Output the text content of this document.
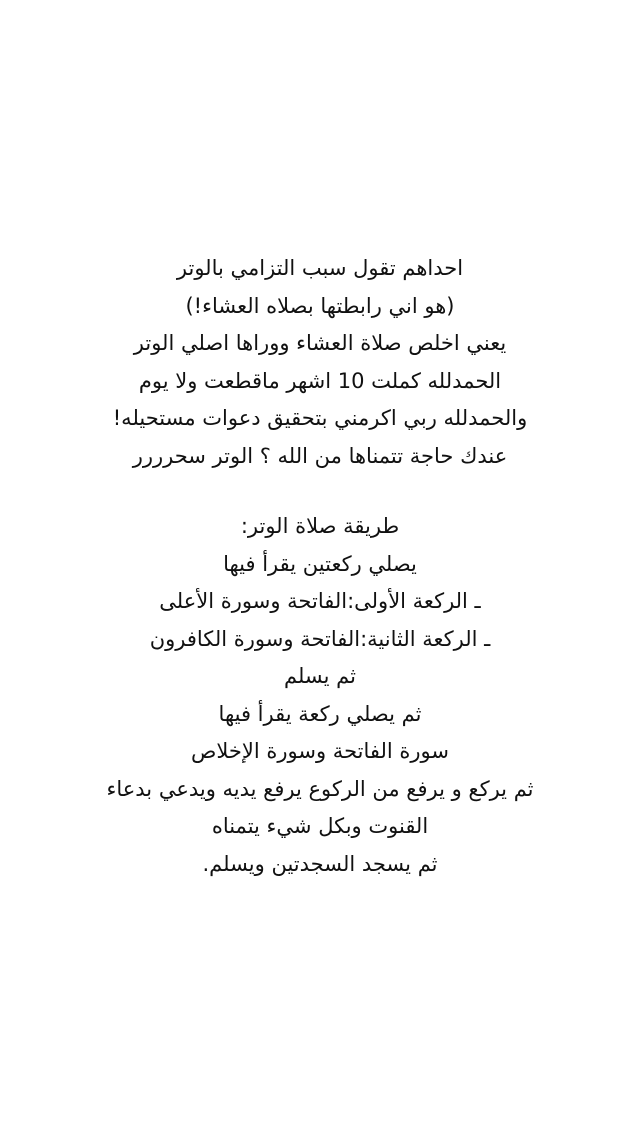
احداهم تقول سبب التزامي بالوتر
(هو اني رابطتها بصلاه العشاء!)
يعني اخلص صلاة العشاء ووراها اصلي الوتر
الحمدلله كملت 10 اشهر ماقطعت ولا يوم
والحمدلله ربي اكرمني بتحقيق دعوات مستحيله!
عندك حاجة تتمناها من الله ؟ الوتر سحرررر
طريقة صلاة الوتر:
يصلي ركعتين يقرأ فيها
ـ الركعة الأولى:الفاتحة وسورة الأعلى
ـ الركعة الثانية:الفاتحة وسورة الكافرون
ثم يسلم
ثم يصلي ركعة يقرأ فيها
سورة الفاتحة وسورة الإخلاص
ثم يركع و يرفع من الركوع يرفع يديه ويدعي بدعاء
القنوت وبكل شيء يتمناه
ثم يسجد السجدتين ويسلم.
